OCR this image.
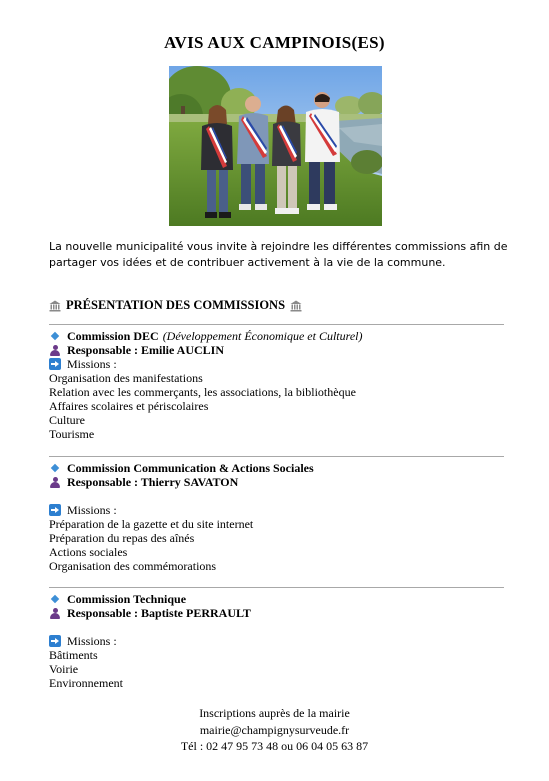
AVIS AUX CAMPINOIS(ES)
La nouvelle municipalité vous invite à rejoindre les différentes commissions afin de partager vos idées et de contribuer activement à la vie de la commune.
PRÉSENTATION DES COMMISSIONS
Commission DEC (Développement Économique et Culturel)
Responsable : Emilie AUCLIN
Missions :
Organisation des manifestations
Relation avec les commerçants, les associations, la bibliothèque
Affaires scolaires et périscolaires
Culture
Tourisme
Commission Communication & Actions Sociales
Responsable : Thierry SAVATON
Missions :
Préparation de la gazette et du site internet
Préparation du repas des aînés
Actions sociales
Organisation des commémorations
Commission Technique
Responsable : Baptiste PERRAULT
Missions :
Bâtiments
Voirie
Environnement
Inscriptions auprès de la mairie
mairie@champignysurveude.fr
Tél : 02 47 95 73 48 ou 06 04 05 63 87
